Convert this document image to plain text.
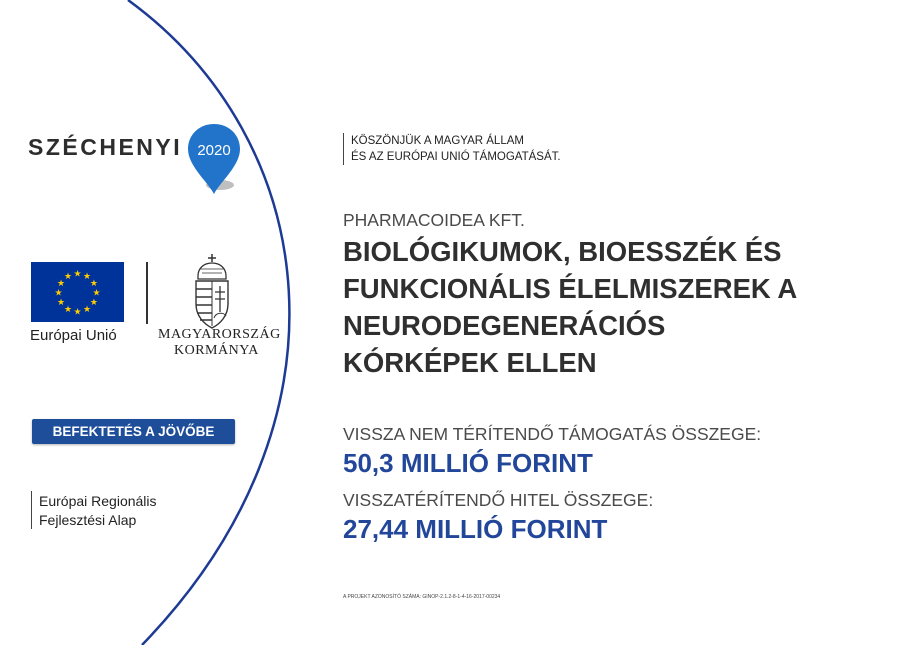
SZÉCHENYI 2020
★ ★
★
★
★
★
★
★
★
★
★
★
Európai Unió	MAGYARORSZÁG
KORMÁNYA
BEFEKTETÉS A JÖVŐBE
Európai Regionális
Fejlesztési Alap
KÖSZÖNJÜK A MAGYAR ÁLLAM
ÉS AZ EURÓPAI UNIÓ TÁMOGATÁSÁT.
PHARMACOIDEA KFT.
BIOLÓGIKUMOK, BIOESSZÉK ÉS
FUNKCIONÁLIS ÉLELMISZEREK A
NEURODEGENERÁCIÓS
KÓRKÉPEK ELLEN
VISSZA NEM TÉRÍTENDŐ TÁMOGATÁS ÖSSZEGE:
50,3 MILLIÓ FORINT
VISSZATÉRÍTENDŐ HITEL ÖSSZEGE:
27,44 MILLIÓ FORINT
A PROJEKT AZONOSÍTÓ SZÁMA: GINOP-2.1.2-8-1-4-16-2017-00234
